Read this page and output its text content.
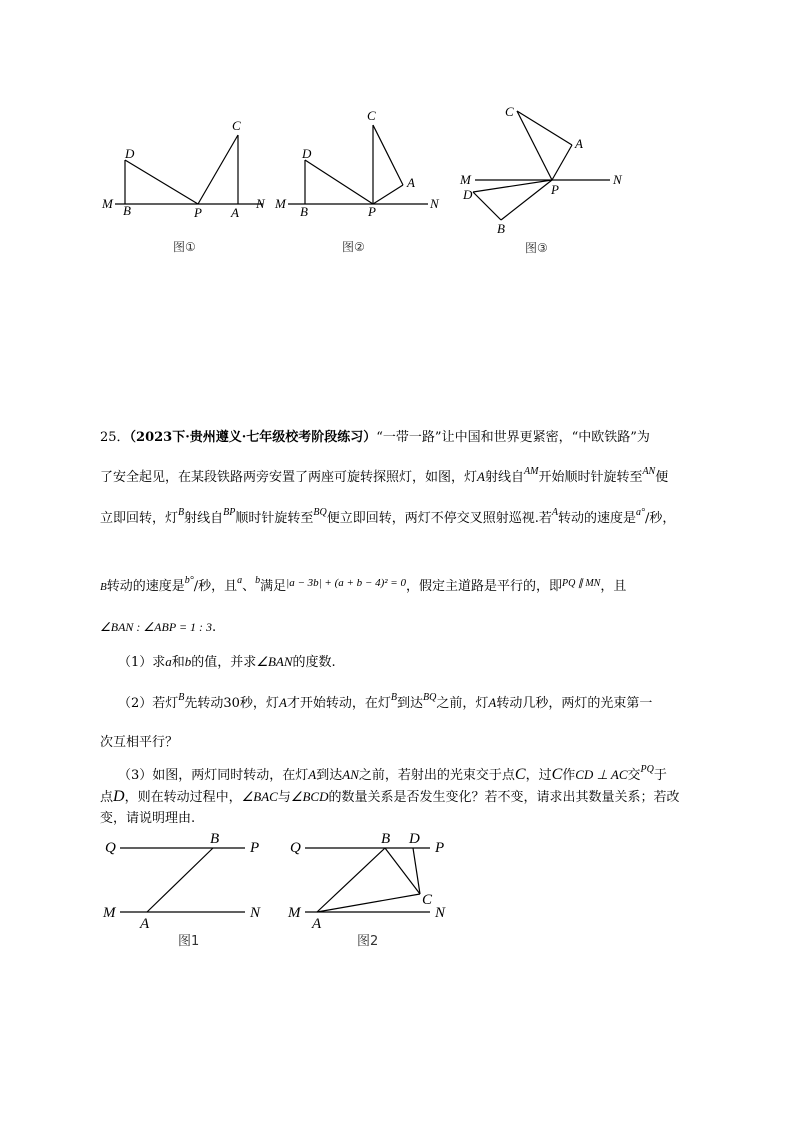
C
D
M B	P A
N
图①
C
D
A
M
B	P
N
图②
C
A
M	N
P
D
B
图③
25．（2023下·贵州遵义·七年级校考阶段练习）“一带一路”让中国和世界更紧密，“中欧铁路”为
了安全起见，在某段铁路两旁安置了两座可旋转探照灯，如图，灯A射线自$^{AM}$开始顺时针旋转至$^{AN}$便
立即回转，灯$^B$射线自$^{BP}$顺时针旋转至$^{BQ}$便立即回转，两灯不停交叉照射巡视.若$^A$转动的速度是$^{a^\circ}$/秒，
B转动的速度是$^{b^\circ}$/秒，且$^a$、$^b$满足$^{|a - 3b| + (a + b - 4)^2 = 0}$，假定主道路是平行的，即$^{PQ \parallel MN}$，且
∠BAN : ∠ABP = 1 : 3.
（1）求a和b的值，并求∠BAN的度数.
（2）若灯$^B$先转动30秒，灯A才开始转动，在灯$^B$到达$^{BQ}$之前，灯A转动几秒，两灯的光束第一
次互相平行？
（3）如图，两灯同时转动，在灯A到达AN之前，若射出的光束交于点C，过C作CD ⊥ AC交$^{PQ}$于
点D，则在转动过程中，∠BAC与∠BCD的数量关系是否发生变化？若不变，请求出其数量关系；若改
变，请说明理由.
Q
B
P
M
A
N
图1
Q
B D
P
C
M
A
N
图2
